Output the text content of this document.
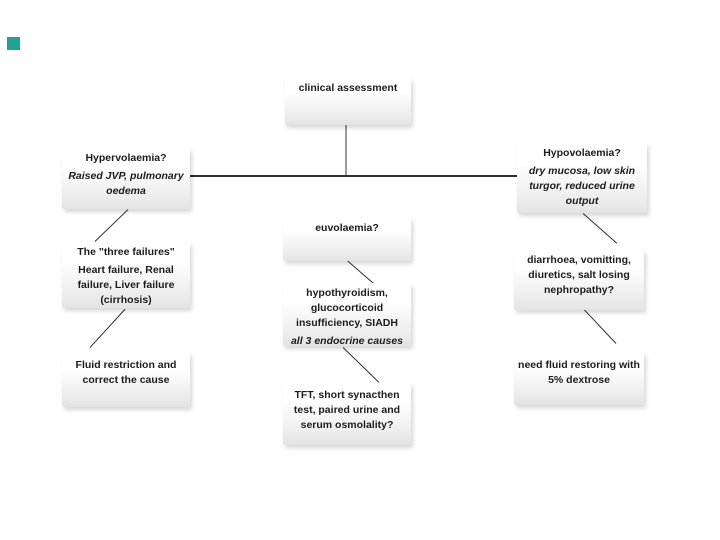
clinical assessment
Hypervolaemia?
Raised JVP, pulmonary oedema
Hypovolaemia?
dry mucosa, low skin turgor, reduced urine output
euvolaemia?
The "three failures"
Heart failure, Renal failure, Liver failure (cirrhosis)
hypothyroidism, glucocorticoid insufficiency, SIADH
all 3 endocrine causes
diarrhoea, vomitting, diuretics, salt losing nephropathy?
Fluid restriction and correct the cause
TFT, short synacthen test, paired urine and serum osmolality?
need fluid restoring with 5% dextrose
